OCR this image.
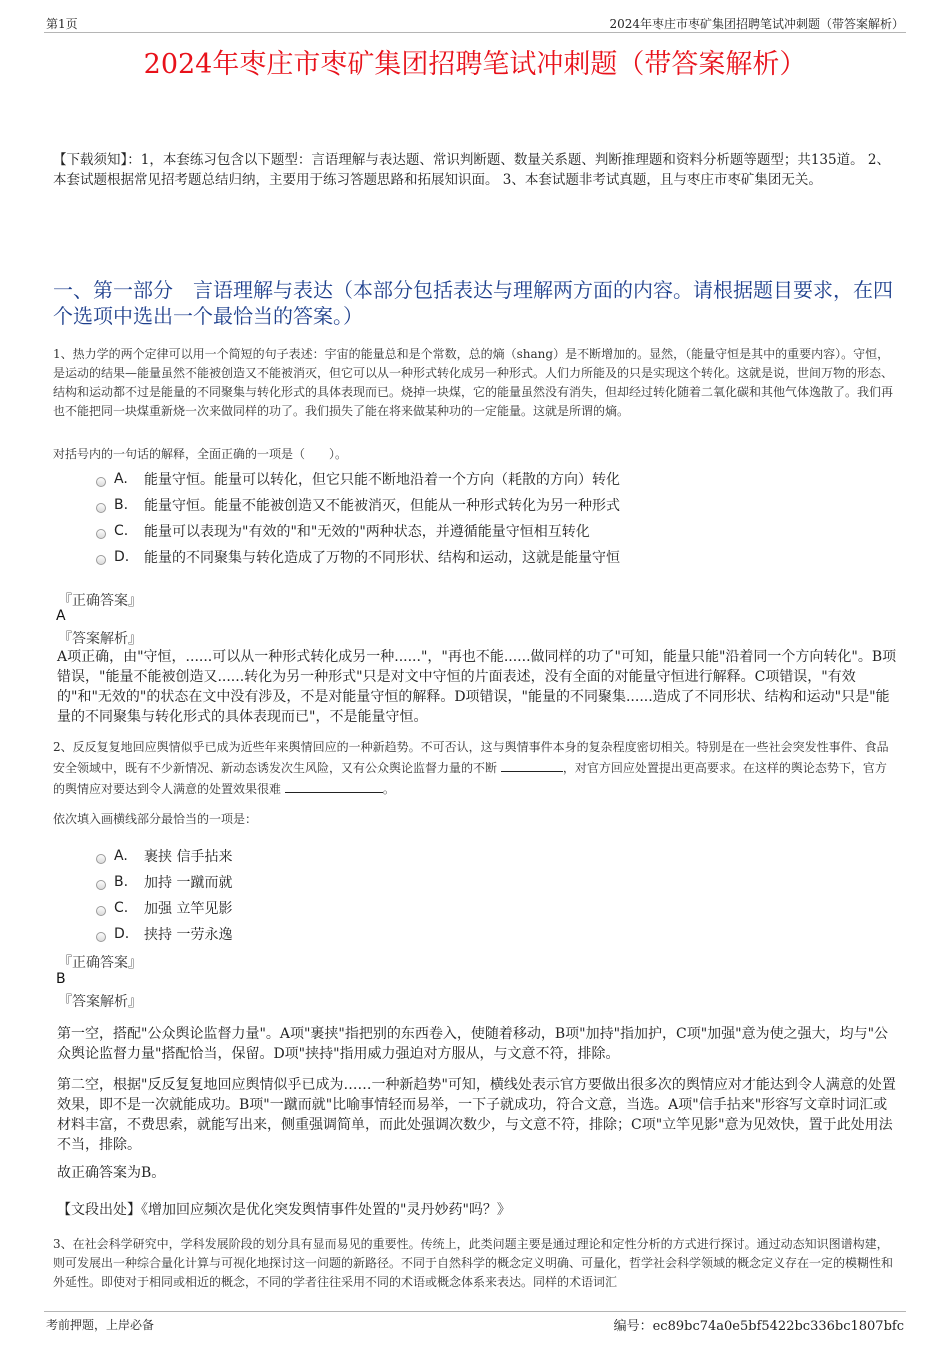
第1页	2024年枣庄市枣矿集团招聘笔试冲刺题（带答案解析）
2024年枣庄市枣矿集团招聘笔试冲刺题（带答案解析）
【下载须知】：1，本套练习包含以下题型：言语理解与表达题、常识判断题、数量关系题、判断推理题和资料分析题等题型；共135道。 2、本套试题根据常见招考题总结归纳，主要用于练习答题思路和拓展知识面。 3、本套试题非考试真题，且与枣庄市枣矿集团无关。
一、第一部分　言语理解与表达（本部分包括表达与理解两方面的内容。请根据题目要求，在四个选项中选出一个最恰当的答案。）
1、热力学的两个定律可以用一个简短的句子表述：宇宙的能量总和是个常数，总的熵（shang）是不断增加的。显然，（能量守恒是其中的重要内容）。守恒，是运动的结果—能量虽然不能被创造又不能被消灭，但它可以从一种形式转化成另一种形式。人们力所能及的只是实现这个转化。这就是说，世间万物的形态、结构和运动都不过是能量的不同聚集与转化形式的具体表现而已。烧掉一块煤，它的能量虽然没有消失，但却经过转化随着二氧化碳和其他气体逸散了。我们再也不能把同一块煤重新烧一次来做同样的功了。我们损失了能在将来做某种功的一定能量。这就是所谓的熵。
对括号内的一句话的解释，全面正确的一项是（　　）。
A.	能量守恒。能量可以转化，但它只能不断地沿着一个方向（耗散的方向）转化
B.	能量守恒。能量不能被创造又不能被消灭，但能从一种形式转化为另一种形式
C.	能量可以表现为"有效的"和"无效的"两种状态，并遵循能量守恒相互转化
D.	能量的不同聚集与转化造成了万物的不同形状、结构和运动，这就是能量守恒
『正确答案』
A
『答案解析』
A项正确，由"守恒，......可以从一种形式转化成另一种......"，"再也不能......做同样的功了"可知，能量只能"沿着同一个方向转化"。B项错误，"能量不能被创造又......转化为另一种形式"只是对文中守恒的片面表述，没有全面的对能量守恒进行解释。C项错误，"有效的"和"无效的"的状态在文中没有涉及，不是对能量守恒的解释。D项错误，"能量的不同聚集......造成了不同形状、结构和运动"只是"能量的不同聚集与转化形式的具体表现而已"，不是能量守恒。
2、反反复复地回应舆情似乎已成为近些年来舆情回应的一种新趋势。不可否认，这与舆情事件本身的复杂程度密切相关。特别是在一些社会突发性事件、食品安全领域中，既有不少新情况、新动态诱发次生风险，又有公众舆论监督力量的不断	，对官方回应处置提出更高要求。在这样的舆论态势下，官方的舆情应对要达到令人满意的处置效果很难	。
依次填入画横线部分最恰当的一项是：
A.	裹挟 信手拈来
B.	加持 一蹴而就
C.	加强 立竿见影
D.	挟持 一劳永逸
『正确答案』
B
『答案解析』
第一空，搭配"公众舆论监督力量"。A项"裹挟"指把别的东西卷入，使随着移动，B项"加持"指加护，C项"加强"意为使之强大，均与"公众舆论监督力量"搭配恰当，保留。D项"挟持"指用威力强迫对方服从，与文意不符，排除。
第二空，根据"反反复复地回应舆情似乎已成为……一种新趋势"可知，横线处表示官方要做出很多次的舆情应对才能达到令人满意的处置效果，即不是一次就能成功。B项"一蹴而就"比喻事情轻而易举，一下子就成功，符合文意，当选。A项"信手拈来"形容写文章时词汇或材料丰富，不费思索，就能写出来，侧重强调简单，而此处强调次数少，与文意不符，排除；C项"立竿见影"意为见效快，置于此处用法不当，排除。
故正确答案为B。
【文段出处】《增加回应频次是优化突发舆情事件处置的"灵丹妙药"吗？》
3、在社会科学研究中，学科发展阶段的划分具有显而易见的重要性。传统上，此类问题主要是通过理论和定性分析的方式进行探讨。通过动态知识图谱构建，则可发展出一种综合量化计算与可视化地探讨这一问题的新路径。不同于自然科学的概念定义明确、可量化，哲学社会科学领域的概念定义存在一定的模糊性和外延性。即使对于相同或相近的概念，不同的学者往往采用不同的术语或概念体系来表达。同样的术语词汇
考前押题，上岸必备	编号：ec89bc74a0e5bf5422bc336bc1807bfc
